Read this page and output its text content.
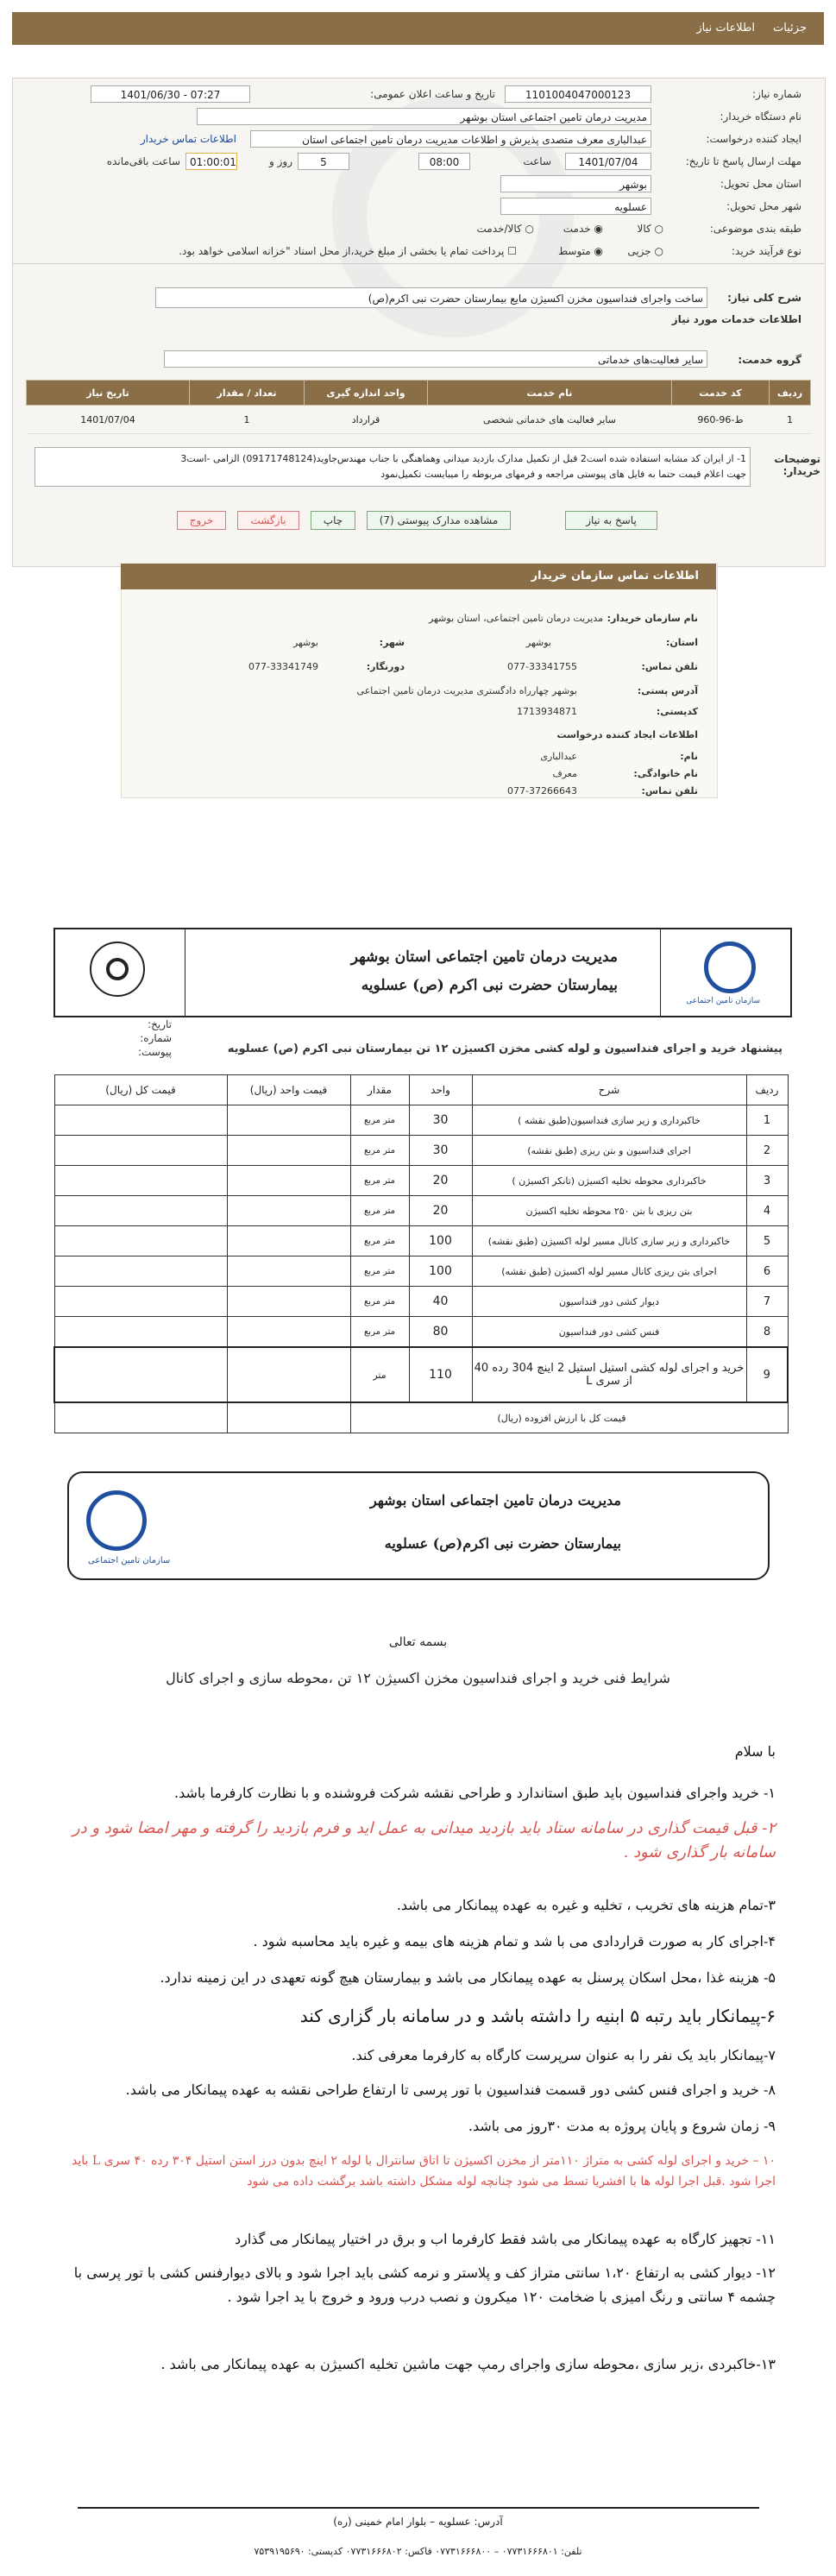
اطلاعات نیاز جزئیات
شماره نیاز:
1101004047000123
تاریخ و ساعت اعلان عمومی:
1401/06/30 - 07:27
نام دستگاه خریدار:
مدیریت درمان تامین اجتماعی استان بوشهر
ایجاد کننده درخواست:
عبدالباری معرف متصدی پذیرش و اطلاعات مدیریت درمان تامین اجتماعی استان
اطلاعات تماس خریدار
مهلت ارسال پاسخ تا تاریخ:
1401/07/04
ساعت
08:00
5
روز و
01:00:01
ساعت باقی‌مانده
استان محل تحویل:
بوشهر
شهر محل تحویل:
عسلویه
طبقه بندی موضوعی:
○ کالا
◉ خدمت
○ کالا/خدمت
نوع فرآیند خرید:
○ جزیی
◉ متوسط
☐ پرداخت تمام یا بخشی از مبلغ خرید،از محل اسناد "خزانه اسلامی خواهد بود.
شرح کلی نیاز:
ساخت واجرای فنداسیون مخزن اکسیژن مایع بیمارستان حضرت نبی اکرم(ص)
اطلاعات خدمات مورد نیاز
گروه خدمت:
سایر فعالیت‌های خدماتی
ردیف	کد خدمت	نام خدمت	واحد اندازه گیری	تعداد / مقدار	تاریخ نیاز
1	ط-96-960	سایر فعالیت های خدماتی شخصی	قرارداد	1	1401/07/04
توضیحات خریدار:
1- از ایران کد مشابه استفاده شده است2 قبل از تکمیل مدارک بازدید میدانی وهماهنگی با جناب مهندس‌جاوید(09171748124) الزامی -است3
جهت اعلام قیمت حتما به فایل های پیوستی مراجعه و فرمهای مربوطه را میبایست تکمیل‌نمود
پاسخ به نیاز
مشاهده مدارک پیوستی (7)
چاپ
بازگشت
خروج
اطلاعات تماس سازمان خریدار
نام سازمان خریدار:
مدیریت درمان تامین اجتماعی، استان بوشهر
استان:
بوشهر
شهر:
بوشهر
تلفن تماس:
077-33341755
دورنگار:
077-33341749
آدرس پستی:
بوشهر چهارراه دادگستری مدیریت درمان تامین اجتماعی
کدپستی:
1713934871
اطلاعات ایجاد کننده درخواست
نام:
عبدالباری
نام خانوادگی:
معرف
تلفن تماس:
077-37266643
مدیریت درمان تامین اجتماعی استان بوشهر
بیمارستان حضرت نبی اکرم (ص) عسلویه
سازمان تامین اجتماعی
تاریخ:
شماره:
پیوست:	پیشنهاد خرید و اجرای فنداسیون و لوله کشی مخزن اکسیژن ۱۲ تن بیمارستان نبی اکرم (ص) عسلویه
ردیف	شرح	واحد	مقدار	قیمت واحد (ریال)	قیمت کل (ریال)
1	خاکبرداری و زیر سازی فنداسیون(طبق نقشه )	30	متر مربع		
2	اجرای فنداسیون و بتن ریزی (طبق نقشه)	30	متر مربع		
3	خاکبرداری محوطه تخلیه اکسیژن (تانکر اکسیژن )	20	متر مربع		
4	بتن ریزی با بتن ۲۵۰ محوطه تخلیه اکسیژن	20	متر مربع		
5	خاکبرداری و زیر سازی کانال مسیر لوله اکسیژن (طبق نقشه)	100	متر مربع		
6	اجرای بتن ریزی کانال مسیر لوله اکسیژن (طبق نقشه)	100	متر مربع		
7	دیوار کشی دور فنداسیون	40	متر مربع		
8	فنس کشی دور فنداسیون	80	متر مربع		
9	خرید و اجرای لوله کشی استیل استیل 2 اینچ 304 رده 40 از سری L	110	متر		
قیمت کل با ارزش افزوده (ریال)					
مدیریت درمان تامین اجتماعی استان بوشهر
بیمارستان حضرت نبی اکرم(ص) عسلویه
سازمان تامین اجتماعی
بسمه تعالی
شرایط فنی خرید و اجرای فنداسیون مخزن اکسیژن ۱۲ تن ،محوطه سازی و اجرای کانال
با سلام
۱- خرید واجرای فنداسیون باید طبق استاندارد و طراحی نقشه شرکت فروشنده و با نظارت کارفرما باشد.
۲- قبل قیمت گذاری در سامانه ستاد باید بازدید میدانی به عمل اید و فرم بازدید را گرفته و مهر امضا شود و در سامانه بار گذاری شود .
۳-تمام هزینه های تخریب ، تخلیه و غیره به عهده پیمانکار می باشد.
۴-اجرای کار به صورت قراردادی می با شد و تمام هزینه های بیمه و غیره باید محاسبه شود .
۵- هزینه غذا ،محل اسکان پرسنل به عهده پیمانکار می باشد و بیمارستان هیچ گونه تعهدی در این زمینه ندارد.
۶-پیمانکار باید رتبه ۵ ابنیه را داشته باشد و در سامانه بار گزاری کند
۷-پیمانکار باید یک نفر را به عنوان سرپرست کارگاه به کارفرما معرفی کند.
۸- خرید و اجرای فنس کشی دور قسمت فنداسیون با تور پرسی تا ارتفاع طراحی نقشه به عهده پیمانکار می باشد.
۹- زمان شروع و پایان پروژه به مدت ۳۰روز می باشد.
۱۰ – خرید و اجرای لوله کشی به متراژ ۱۱۰متر از مخزن اکسیژن تا اتاق سانترال با لوله ۲ اینچ بدون درز استن استیل ۳۰۴ رده ۴۰ سری L باید اجرا شود .قبل اجرا لوله ها با افشربا تسط می شود چنانچه لوله مشکل داشته باشد برگشت داده می شود
۱۱- تجهیز کارگاه به عهده پیمانکار می باشد فقط کارفرما اب و برق در اختیار پیمانکار می گذارد
۱۲- دیوار کشی به ارتفاع ۱،۲۰ سانتی متراز کف و پلاستر و نرمه کشی باید اجرا شود و بالای دیوارفنس کشی با تور پرسی با چشمه ۴ سانتی و رنگ امیزی با ضخامت ۱۲۰ میکرون و نصب درب ورود و خروج با ید اجرا شود .
۱۳-خاکبردی ،زیر سازی ،محوطه سازی واجرای رمپ جهت ماشین تخلیه اکسیژن به عهده پیمانکار می باشد .
آدرس: عسلویه – بلوار امام خمینی (ره)
تلفن: ۰۷۷۳۱۶۶۶۸۰۱ – ۰۷۷۳۱۶۶۶۸۰۰ فاکس: ۰۷۷۳۱۶۶۶۸۰۲ کدپستی: ۷۵۳۹۱۹۵۶۹۰
